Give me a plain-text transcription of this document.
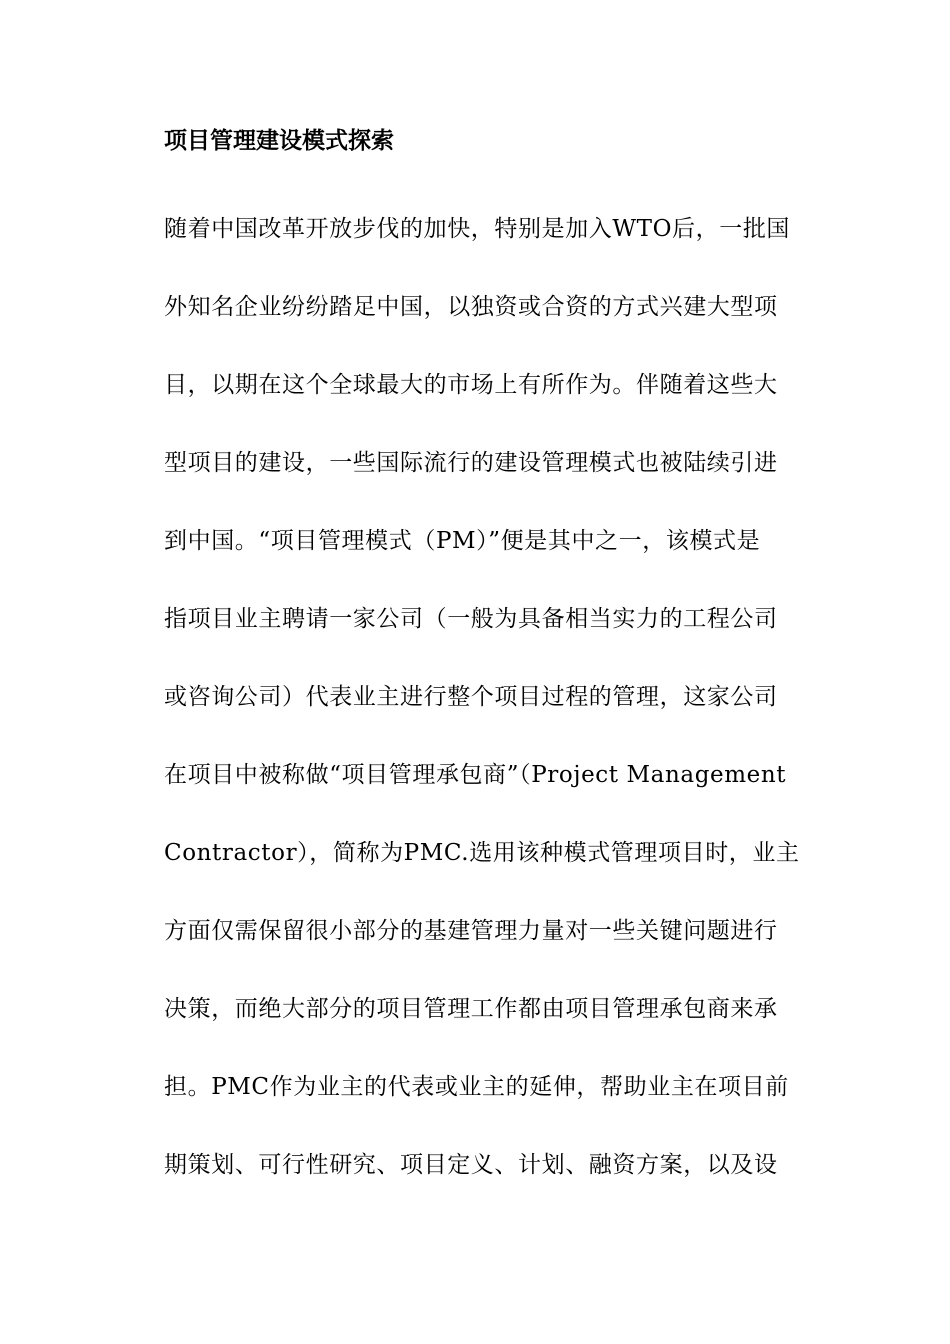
项目管理建设模式探索
随着中国改革开放步伐的加快，特别是加入WTO后，一批国
外知名企业纷纷踏足中国，以独资或合资的方式兴建大型项
目，以期在这个全球最大的市场上有所作为。伴随着这些大
型项目的建设，一些国际流行的建设管理模式也被陆续引进
到中国。“项目管理模式（PM）”便是其中之一，该模式是
指项目业主聘请一家公司（一般为具备相当实力的工程公司
或咨询公司）代表业主进行整个项目过程的管理，这家公司
在项目中被称做“项目管理承包商”（Project Management
Contractor），简称为PMC.选用该种模式管理项目时，业主
方面仅需保留很小部分的基建管理力量对一些关键问题进行
决策，而绝大部分的项目管理工作都由项目管理承包商来承
担。PMC作为业主的代表或业主的延伸，帮助业主在项目前
期策划、可行性研究、项目定义、计划、融资方案，以及设
